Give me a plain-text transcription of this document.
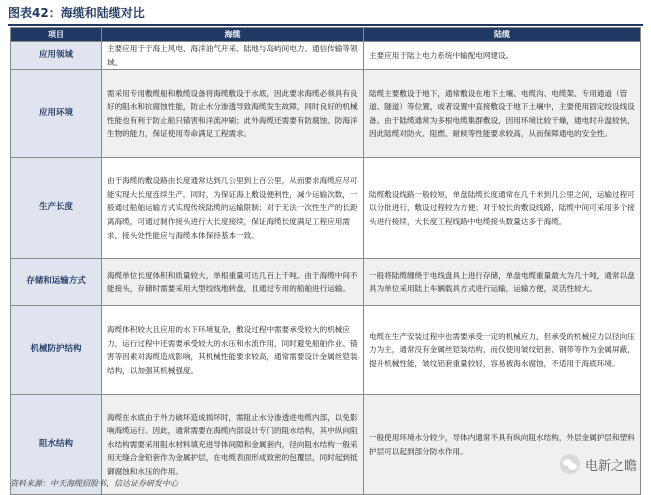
图表42：海缆和陆缆对比
项目	海缆	陆缆
应用领域	主要应用于于海上风电、海洋油气开采、陆地与岛屿间电力、通信传输等领域。	主要应用于陆上电力系统中输配电网建设。
应用环境	需采用专用敷缆船和敷缆设备将海缆敷设于水底，因此要求海缆必须具有良好的阻水和抗腐蚀性能，防止水分渗透导致海缆发生故障，同时良好的机械性能也有利于防止船只锚害和洋流冲刷；此外海缆还需要有防腐蚀、防海洋生物的能力，保证使用寿命满足工程需求。	陆缆主要敷设于地下，通常敷设在地下土壤、电缆沟、电缆架、专用通道（管道、隧道）等位置，或者设置中直接敷设于地下土壤中，主要使用固定绞设线设备。由于陆缆通常为多根电缆集群敷设，因用环境比较干燥，通电时升温较快，因此陆缆对防火、阻燃、耐候等性能要求较高，从而保障通电的安全性。
生产长度	由于海缆的敷设路由长度通常达到几公里到上百公里，从而要求海缆应尽可能实现大长度连续生产。同时，为保证海上敷设便利性，减少运输次数，一般通过船舶运输方式实现传统陆缆的运输限制；对于无法一次性生产的长距离海缆，可通过制作接头进行大长度接续，保证海缆长度满足工程应用需求，接头处性能应与海缆本体保持基本一致。	陆缆敷设线路一般较短，单盘陆缆长度通常在几千米到几公里之间，运输过程可以分批进行，敷设过程较为方便；对于较长的敷设线路，陆缆中间可采用多个接头进行接续，大长度工程线路中电缆接头数量达多于海缆。
存储和运输方式	海缆单位长度体积和质量较大，单根重量可达几百上千吨。由于海缆中间不能接头，存储时需要采用大型绞线地转盘，且通过专用的船舶进行运输。	一般将陆缆缠绕于电线盘具上进行存储，单盘电缆重量最大为几十吨，通常以盘具为单位采用陆上车辆载具方式进行运输，运输方便，灵活性较大。
机械防护结构	海缆体积较大且应用的水下环境复杂，敷设过程中需要承受较大的机械应力，运行过程中还需要承受较大的水压和水流作用，同时避免船舶作业、锚害等因素对海缆造成影响，其机械性能要求较高，通常需要设计金属丝铠装结构，以加强其机械强度。	电缆在生产安装过程中也需要承受一定的机械应力，但承受的机械应力以径向压力为主，通常没有金属丝铠装结构，而仅使用皱纹铝套、钢带等作为金属屏蔽，提升机械性能，皱纹铝套重量较轻，容易被海水腐蚀，不适用于海底环境。
阻水结构	海缆在水底由于外力破坏造成损坏时，需阻止水分渗透进电缆内部，以免影响海缆运行。因此，通常需要在海缆内部设计专门的阻水结构，其中纵向阻水结构需要采用阻水材料填充进导体间隙和金属套内，径向阻水结构一般采用无缝合金铅套作为金属护层，在电缆表面形成致密的包覆层，同时起到抵御腐蚀和水压的作用。	一般使用环境水分较少，导体内通常不具有纵向阻水结构，外层金属护层和塑料护层可以起到部分防水作用。
资料来源：中天海缆招股书，信达证券研发中心
电新之瞻
